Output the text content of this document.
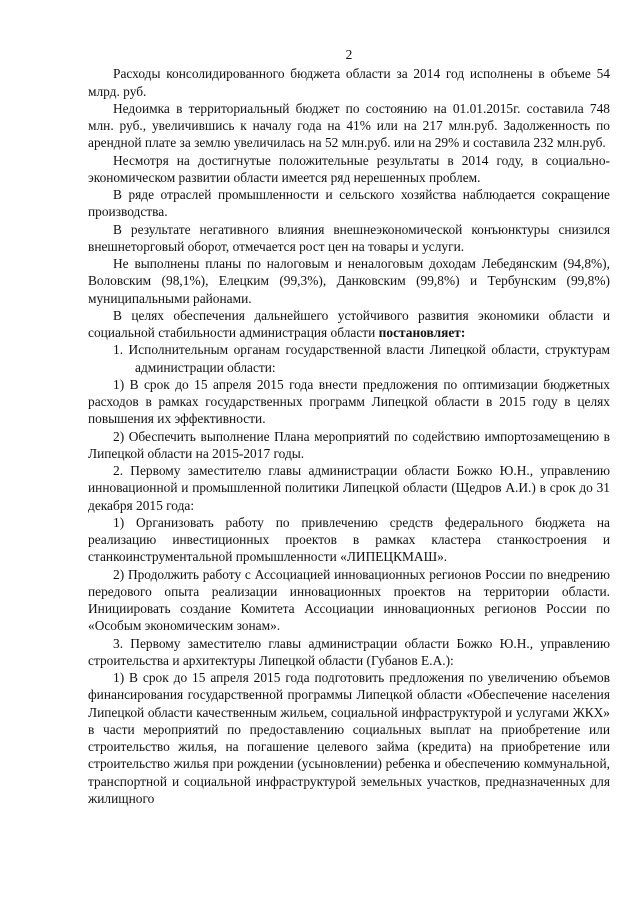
2

Расходы консолидированного бюджета области за 2014 год исполнены в объеме 54 млрд. руб.

Недоимка в территориальный бюджет по состоянию на 01.01.2015г. составила 748 млн. руб., увеличившись к началу года на 41% или на 217 млн.руб. Задолженность по арендной плате за землю увеличилась на 52 млн.руб. или на 29% и составила 232 млн.руб.

Несмотря на достигнутые положительные результаты в 2014 году, в социально-экономическом развитии области имеется ряд нерешенных проблем.

В ряде отраслей промышленности и сельского хозяйства наблюдается сокращение производства.

В результате негативного влияния внешнеэкономической конъюнктуры снизился внешнеторговый оборот, отмечается рост цен на товары и услуги.

Не выполнены планы по налоговым и неналоговым доходам Лебедянским (94,8%), Воловским (98,1%), Елецким (99,3%), Данковским (99,8%) и Тербунским (99,8%) муниципальными районами.

В целях обеспечения дальнейшего устойчивого развития экономики области и социальной стабильности администрация области постановляет:

1. Исполнительным органам государственной власти Липецкой области, структурам администрации области:

1) В срок до 15 апреля 2015 года внести предложения по оптимизации бюджетных расходов в рамках государственных программ Липецкой области в 2015 году в целях повышения их эффективности.

2) Обеспечить выполнение Плана мероприятий по содействию импортозамещению в Липецкой области на 2015-2017 годы.

2. Первому заместителю главы администрации области Божко Ю.Н., управлению инновационной и промышленной политики Липецкой области (Щедров А.И.) в срок до 31 декабря 2015 года:

1) Организовать работу по привлечению средств федерального бюджета на реализацию инвестиционных проектов в рамках кластера станкостроения и станкоинструментальной промышленности «ЛИПЕЦКМАШ».

2) Продолжить работу с Ассоциацией инновационных регионов России по внедрению передового опыта реализации инновационных проектов на территории области. Инициировать создание Комитета Ассоциации инновационных регионов России по «Особым экономическим зонам».

3. Первому заместителю главы администрации области Божко Ю.Н., управлению строительства и архитектуры Липецкой области (Губанов Е.А.):

1) В срок до 15 апреля 2015 года подготовить предложения по увеличению объемов финансирования государственной программы Липецкой области «Обеспечение населения Липецкой области качественным жильем, социальной инфраструктурой и услугами ЖКХ» в части мероприятий по предоставлению социальных выплат на приобретение или строительство жилья, на погашение целевого займа (кредита) на приобретение или строительство жилья при рождении (усыновлении) ребенка и обеспечению коммунальной, транспортной и социальной инфраструктурой земельных участков, предназначенных для жилищного
